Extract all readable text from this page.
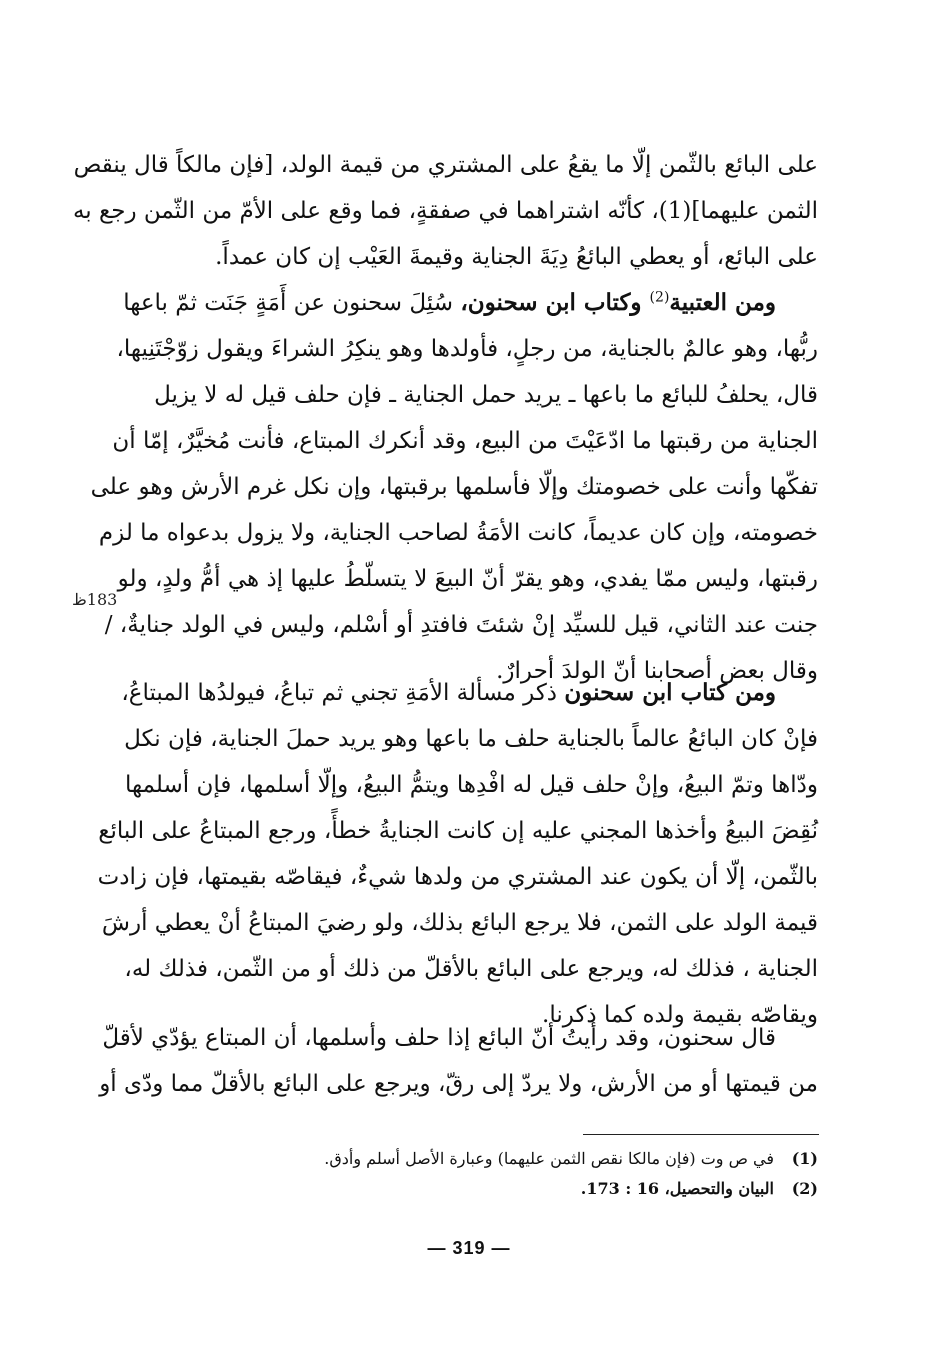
على البائع بالثّمن إلّا ما يقعُ على المشتري من قيمة الولد، [فإن مالكاً قال ينقص
الثمن عليهما](1)، كأنّه اشتراهما في صفقةٍ، فما وقع على الأمّ من الثّمن رجع به
على البائع، أو يعطي البائعُ دِيَةَ الجناية وقيمةَ العَيْب إن كان عمداً.
ومن العتبية$^{(2)}$ وكتاب ابن سحنون، سُئِلَ سحنون عن أَمَةٍ جَنَت ثمّ باعها
ربُّها، وهو عالمٌ بالجناية، من رجلٍ، فأولدها وهو ينكِرُ الشراءَ ويقول زوّجْتَنِيها،
قال، يحلفُ للبائع ما باعها ـ يريد حمل الجناية ـ فإن حلف قيل له لا يزيل
الجناية من رقبتها ما ادّعَيْتَ من البيع، وقد أنكرك المبتاع، فأنت مُخيَّرٌ، إمّا أن
تفكّها وأنت على خصومتك وإلّا فأسلمها برقبتها، وإن نكل غرم الأرش وهو على
خصومته، وإن كان عديماً، كانت الأمَةُ لصاحب الجناية، ولا يزول بدعواه ما لزم
رقبتها، وليس ممّا يفدي، وهو يقرّ أنّ البيعَ لا يتسلّطُ عليها إذ هي أمُّ ولدٍ، ولو
جنت عند الثاني، قيل للسيِّد إنْ شئتَ فافتدِ أو أسْلم، وليس في الولد جنايةٌ، /
وقال بعض أصحابنا أنّ الولدَ أحرارٌ.
183ظ
ومن كتاب ابن سحنون ذكر مسألة الأمَةِ تجني ثم تباعُ، فيولدُها المبتاعُ،
فإنْ كان البائعُ عالماً بالجناية حلف ما باعها وهو يريد حملَ الجناية، فإن نكل
ودّاها وتمّ البيعُ، وإنْ حلف قيل له افْدِها ويتمُّ البيعُ، وإلّا أسلمها، فإن أسلمها
نُقِضَ البيعُ وأخذها المجني عليه إن كانت الجنايةُ خطأً، ورجع المبتاعُ على البائع
بالثّمن، إلّا أن يكون عند المشتري من ولدها شيءٌ، فيقاصّه بقيمتها، فإن زادت
قيمة الولد على الثمن، فلا يرجع البائع بذلك، ولو رضيَ المبتاعُ أنْ يعطي أرشَ
الجناية ، فذلك له، ويرجع على البائع بالأقلّ من ذلك أو من الثّمن، فذلك له،
ويقاصّه بقيمة ولده كما ذكرنا.
قال سحنون، وقد رأيتُ أنّ البائع إذا حلف وأسلمها، أن المبتاع يؤدّي لأقلّ
من قيمتها أو من الأرش، ولا يردّ إلى رقّ، ويرجع على البائع بالأقلّ مما ودّى أو
(1)في ص وت (فإن مالكا نقص الثمن عليهما) وعبارة الأصل أسلم وأدق.
(2)البيان والتحصيل، 16 : 173.
— 319 —
